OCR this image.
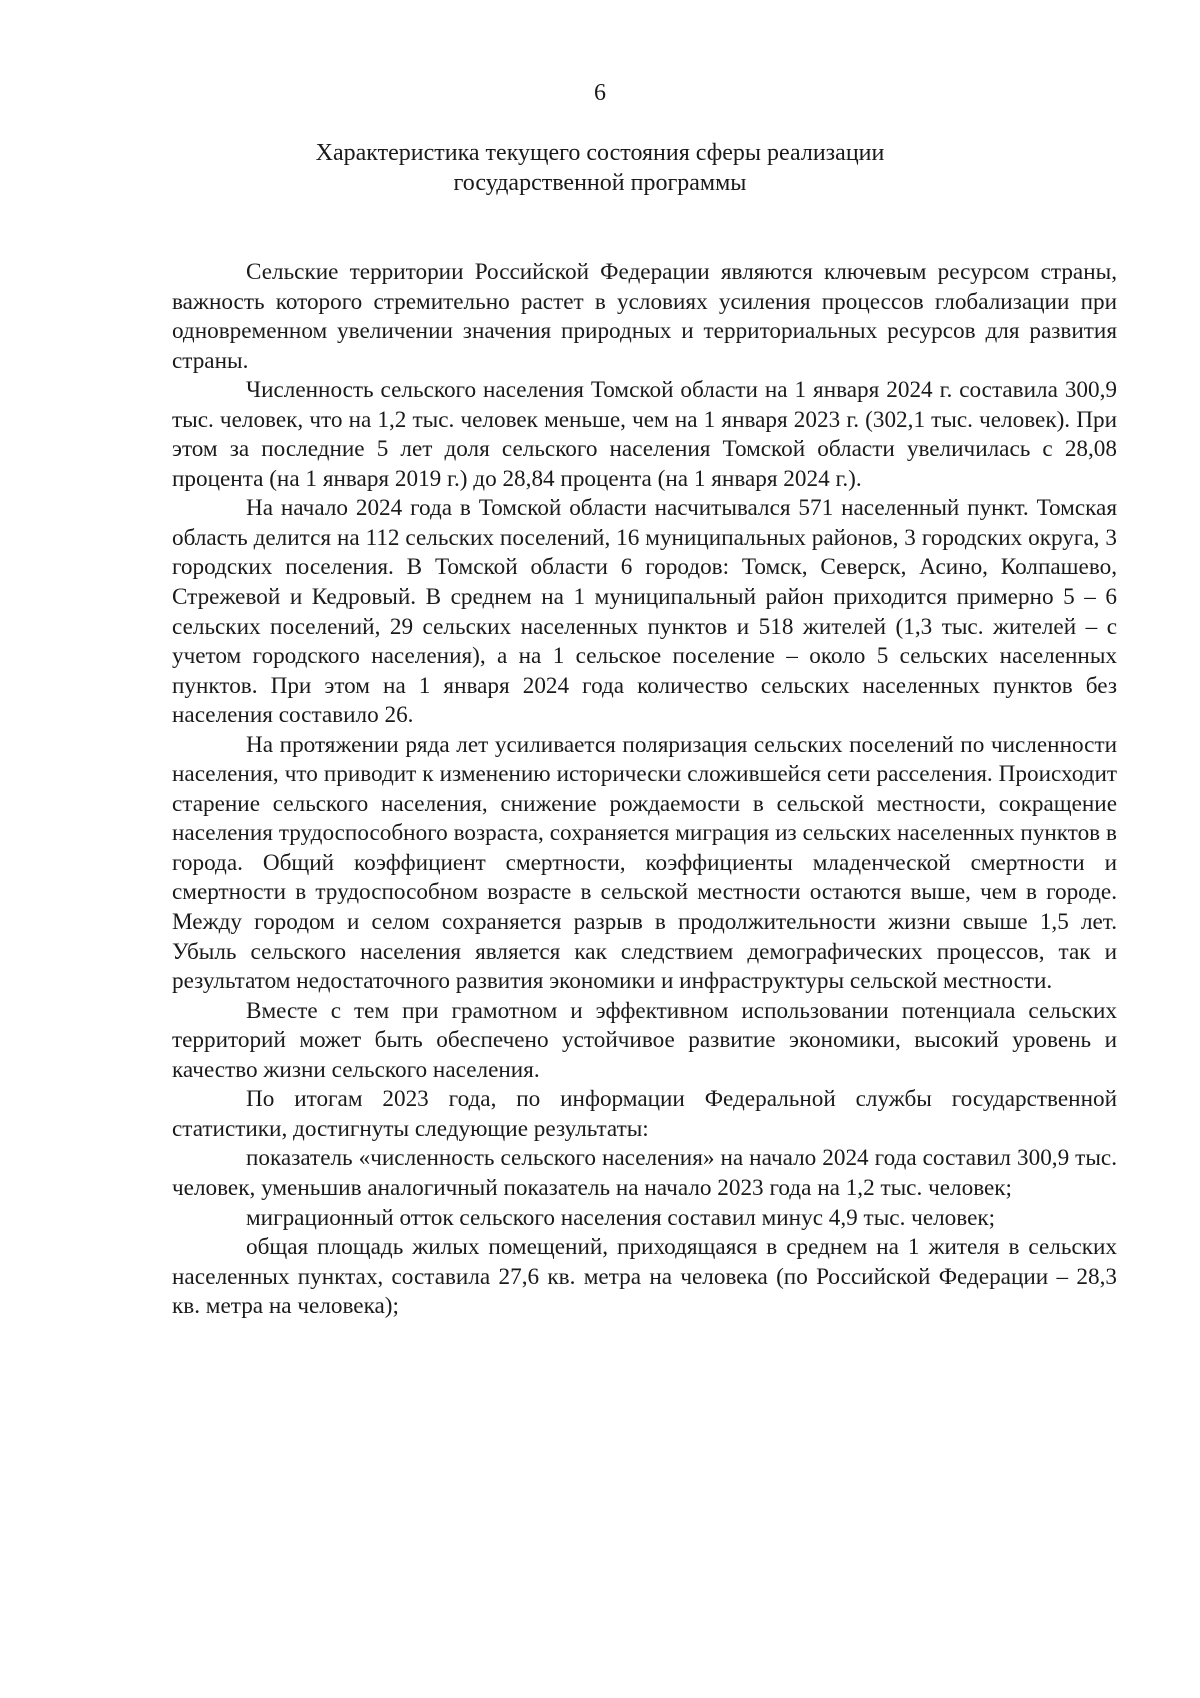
6
Характеристика текущего состояния сферы реализации
государственной программы

Сельские территории Российской Федерации являются ключевым ресурсом страны, важность которого стремительно растет в условиях усиления процессов глобализации при одновременном увеличении значения природных и территориальных ресурсов для развития страны.

Численность сельского населения Томской области на 1 января 2024 г. составила 300,9 тыс. человек, что на 1,2 тыс. человек меньше, чем на 1 января 2023 г. (302,1 тыс. человек). При этом за последние 5 лет доля сельского населения Томской области увеличилась с 28,08 процента (на 1 января 2019 г.) до 28,84 процента (на 1 января 2024 г.).

На начало 2024 года в Томской области насчитывался 571 населенный пункт. Томская область делится на 112 сельских поселений, 16 муниципальных районов, 3 городских округа, 3 городских поселения. В Томской области 6 городов: Томск, Северск, Асино, Колпашево, Стрежевой и Кедровый. В среднем на 1 муниципальный район приходится примерно 5 – 6 сельских поселений, 29 сельских населенных пунктов и 518 жителей (1,3 тыс. жителей – с учетом городского населения), а на 1 сельское поселение – около 5 сельских населенных пунктов. При этом на 1 января 2024 года количество сельских населенных пунктов без населения составило 26.

На протяжении ряда лет усиливается поляризация сельских поселений по численности населения, что приводит к изменению исторически сложившейся сети расселения. Происходит старение сельского населения, снижение рождаемости в сельской местности, сокращение населения трудоспособного возраста, сохраняется миграция из сельских населенных пунктов в города. Общий коэффициент смертности, коэффициенты младенческой смертности и смертности в трудоспособном возрасте в сельской местности остаются выше, чем в городе. Между городом и селом сохраняется разрыв в продолжительности жизни свыше 1,5 лет. Убыль сельского населения является как следствием демографических процессов, так и результатом недостаточного развития экономики и инфраструктуры сельской местности.

Вместе с тем при грамотном и эффективном использовании потенциала сельских территорий может быть обеспечено устойчивое развитие экономики, высокий уровень и качество жизни сельского населения.

По итогам 2023 года, по информации Федеральной службы государственной статистики, достигнуты следующие результаты:

показатель «численность сельского населения» на начало 2024 года составил 300,9 тыс. человек, уменьшив аналогичный показатель на начало 2023 года на 1,2 тыс. человек;

миграционный отток сельского населения составил минус 4,9 тыс. человек;

общая площадь жилых помещений, приходящаяся в среднем на 1 жителя в сельских населенных пунктах, составила 27,6 кв. метра на человека (по Российской Федерации – 28,3 кв. метра на человека);
